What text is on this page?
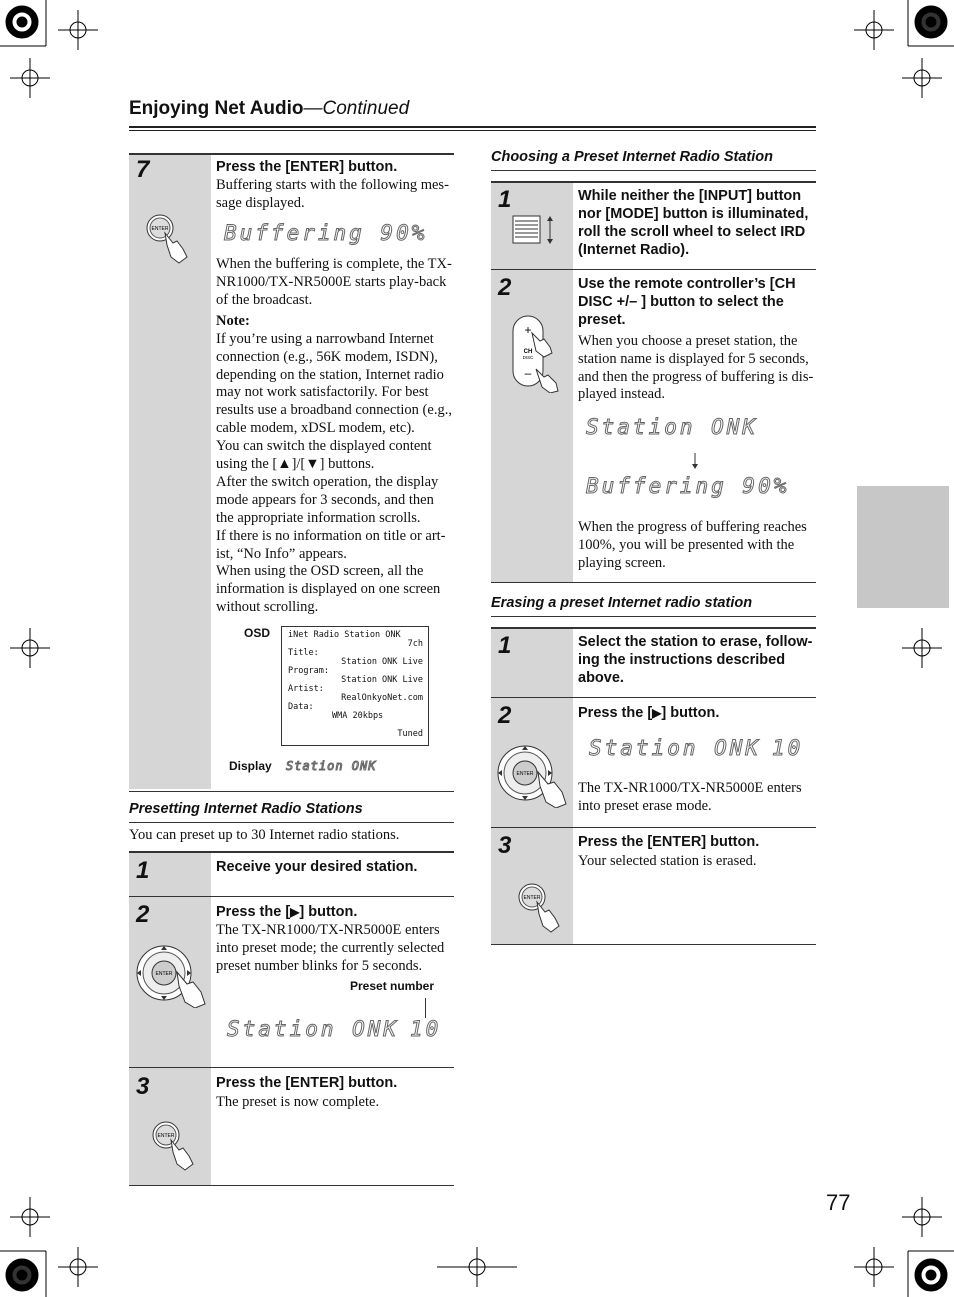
Enjoying Net Audio—Continued
7
ENTER
Press the [ENTER] button.
Buffering starts with the following mes-
sage displayed.
Buffering 90%
When the buffering is complete, the TX-NR1000/TX-NR5000E starts play-back of the broadcast.
Note:
If you’re using a narrowband Internet connection (e.g., 56K modem, ISDN), depending on the station, Internet radio may not work satisfactorily. For best results use a broadband connection (e.g., cable modem, xDSL modem, etc).
You can switch the displayed content using the [▲]/[▼] buttons.
After the switch operation, the display mode appears for 3 seconds, and then the appropriate information scrolls.
If there is no information on title or art-ist, “No Info” appears.
When using the OSD screen, all the information is displayed on one screen without scrolling.
OSD iNet Radio Station ONK
7ch
Title:
Station ONK Live
Program:
Station ONK Live
Artist:
RealOnkyoNet.com
Data:
WMA 20kbps
Tuned
Display Station ONK
Presetting Internet Radio Stations
You can preset up to 30 Internet radio stations.
1	Receive your desired station.
2
ENTER
Press the [▶] button.
The TX-NR1000/TX-NR5000E enters into preset mode; the currently selected preset number blinks for 5 seconds.
Preset number
Station ONK 10
3
ENTER
Press the [ENTER] button.
The preset is now complete.
Choosing a Preset Internet Radio Station
1	While neither the [INPUT] button nor [MODE] button is illuminated, roll the scroll wheel to select IRD (Internet Radio).
2
+
CH
DISC
–
Use the remote controller’s [CH DISC +/– ] button to select the preset.
When you choose a preset station, the station name is displayed for 5 seconds, and then the progress of buffering is dis-played instead.
Station ONK
Buffering 90%
When the progress of buffering reaches 100%, you will be presented with the playing screen.
Erasing a preset Internet radio station
1	Select the station to erase, follow-ing the instructions described above.
2
ENTER
Press the [▶] button.
Station ONK 10
The TX-NR1000/TX-NR5000E enters into preset erase mode.
3
ENTER
Press the [ENTER] button.
Your selected station is erased.
77
